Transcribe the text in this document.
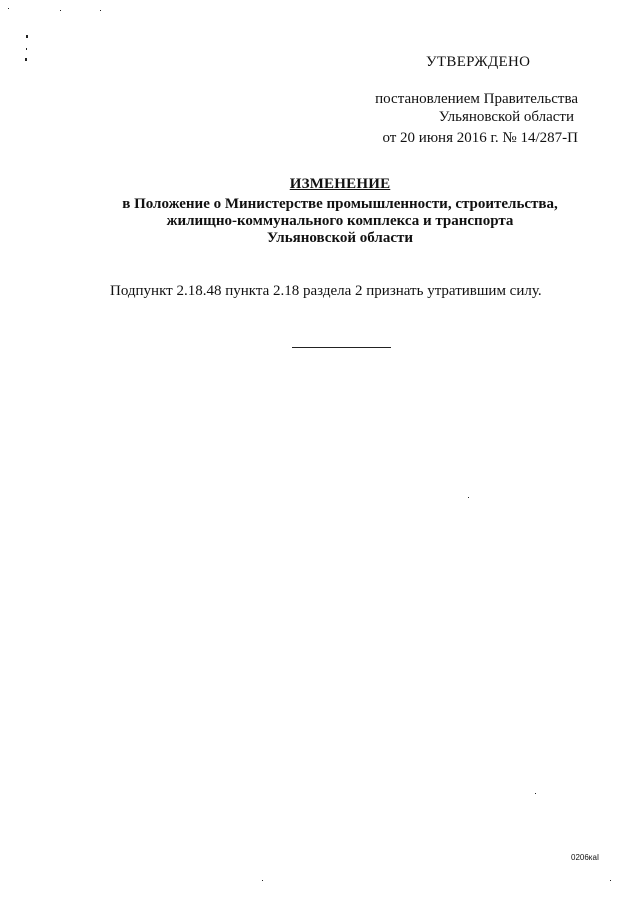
УТВЕРЖДЕНО
постановлением Правительства
Ульяновской области
от 20 июня 2016 г. № 14/287-П
ИЗМЕНЕНИЕ
в Положение о Министерстве промышленности, строительства,
жилищно-коммунального комплекса и транспорта
Ульяновской области
Подпункт 2.18.48 пункта 2.18 раздела 2 признать утратившим силу.
0206каI
